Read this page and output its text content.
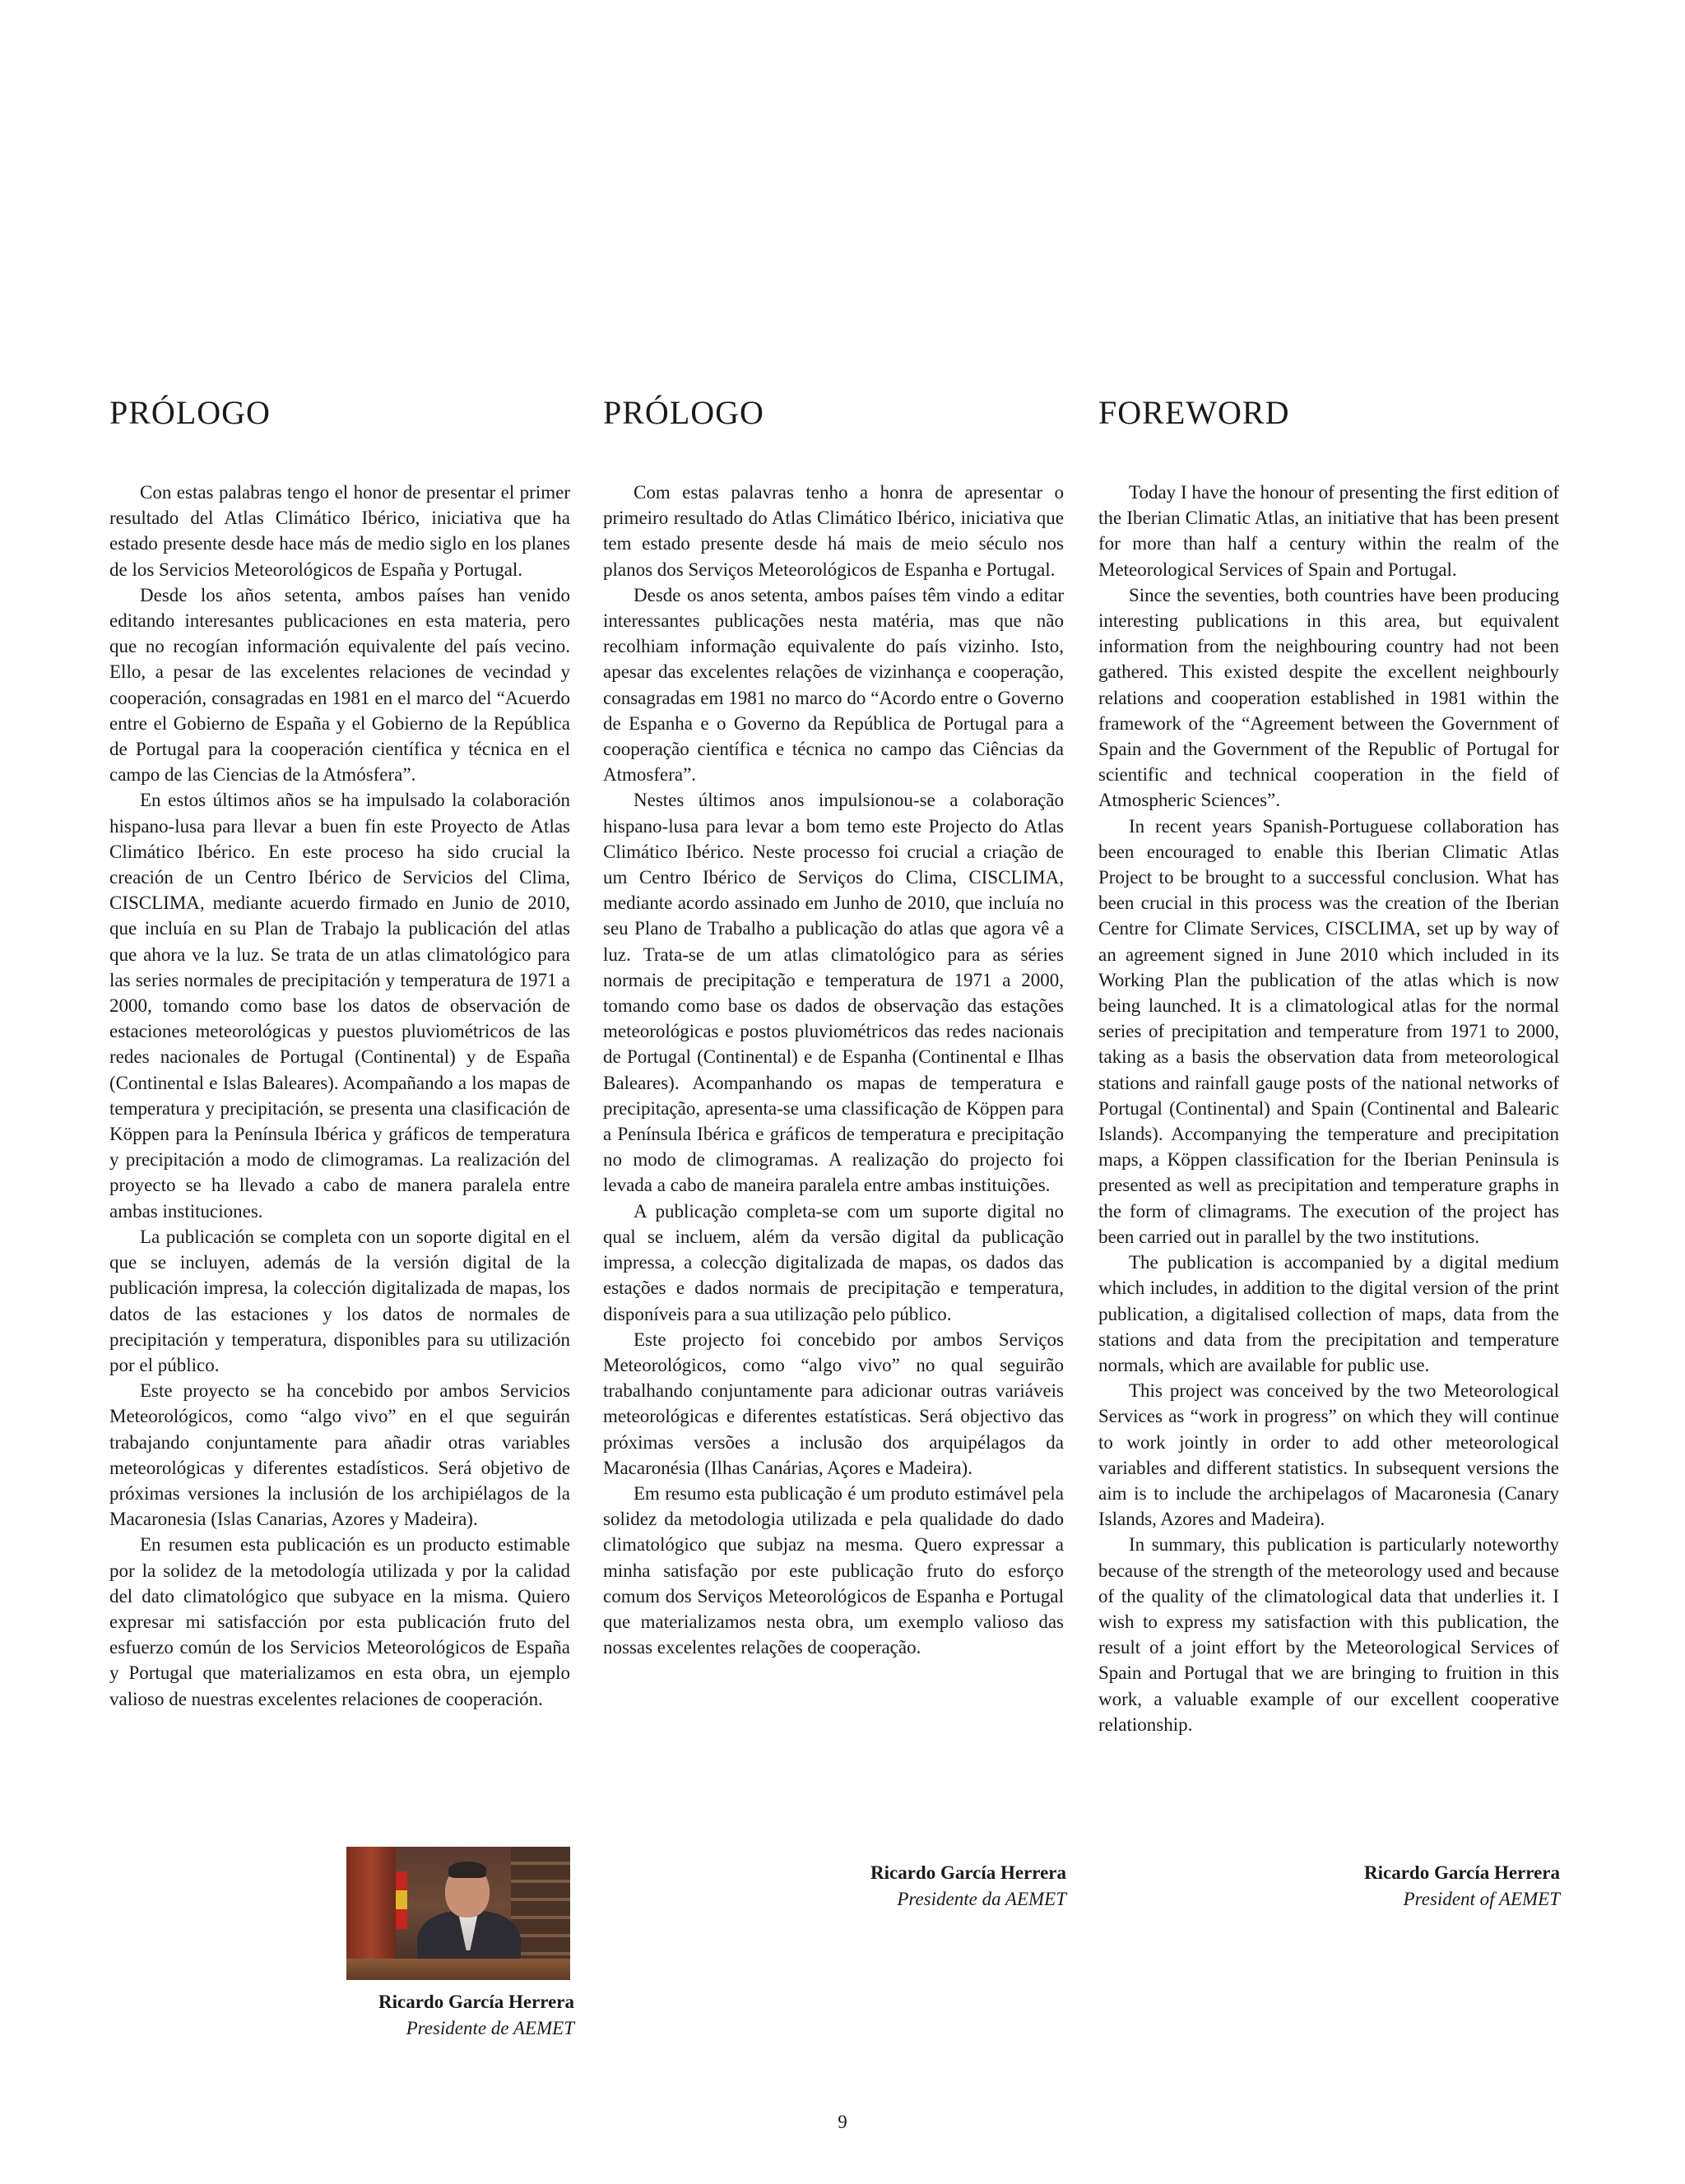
PRÓLOGO

Con estas palabras tengo el honor de presentar el primer resultado del Atlas Climático Ibérico, iniciativa que ha estado presente desde hace más de medio siglo en los planes de los Servicios Meteorológicos de España y Portugal.

Desde los años setenta, ambos países han venido editando interesantes publicaciones en esta materia, pero que no recogían información equivalente del país vecino. Ello, a pesar de las excelentes relaciones de vecindad y cooperación, consagradas en 1981 en el marco del “Acuerdo entre el Gobierno de España y el Gobierno de la República de Portugal para la cooperación científica y técnica en el campo de las Ciencias de la Atmósfera”.

En estos últimos años se ha impulsado la colaboración hispano-lusa para llevar a buen fin este Proyecto de Atlas Climático Ibérico. En este proceso ha sido crucial la creación de un Centro Ibérico de Servicios del Clima, CISCLIMA, mediante acuerdo firmado en Junio de 2010, que incluía en su Plan de Trabajo la publicación del atlas que ahora ve la luz. Se trata de un atlas climatológico para las series normales de precipitación y temperatura de 1971 a 2000, tomando como base los datos de observación de estaciones meteorológicas y puestos pluviométricos de las redes nacionales de Portugal (Continental) y de España (Continental e Islas Baleares). Acompañando a los mapas de temperatura y precipitación, se presenta una clasificación de Köppen para la Península Ibérica y gráficos de temperatura y precipitación a modo de climogramas. La realización del proyecto se ha llevado a cabo de manera paralela entre ambas instituciones.

La publicación se completa con un soporte digital en el que se incluyen, además de la versión digital de la publicación impresa, la colección digitalizada de mapas, los datos de las estaciones y los datos de normales de precipitación y temperatura, disponibles para su utilización por el público.

Este proyecto se ha concebido por ambos Servicios Meteorológicos, como “algo vivo” en el que seguirán trabajando conjuntamente para añadir otras variables meteorológicas y diferentes estadísticos. Será objetivo de próximas versiones la inclusión de los archipiélagos de la Macaronesia (Islas Canarias, Azores y Madeira).

En resumen esta publicación es un producto estimable por la solidez de la metodología utilizada y por la calidad del dato climatológico que subyace en la misma. Quiero expresar mi satisfacción por esta publicación fruto del esfuerzo común de los Servicios Meteorológicos de España y Portugal que materializamos en esta obra, un ejemplo valioso de nuestras excelentes relaciones de cooperación.

PRÓLOGO

Com estas palavras tenho a honra de apresentar o primeiro resultado do Atlas Climático Ibérico, iniciativa que tem estado presente desde há mais de meio século nos planos dos Serviços Meteorológicos de Espanha e Portugal.

Desde os anos setenta, ambos países têm vindo a editar interessantes publicações nesta matéria, mas que não recolhiam informação equivalente do país vizinho. Isto, apesar das excelentes relações de vizinhança e cooperação, consagradas em 1981 no marco do “Acordo entre o Governo de Espanha e o Governo da República de Portugal para a cooperação científica e técnica no campo das Ciências da Atmosfera”.

Nestes últimos anos impulsionou-se a colaboração hispano-lusa para levar a bom temo este Projecto do Atlas Climático Ibérico. Neste processo foi crucial a criação de um Centro Ibérico de Serviços do Clima, CISCLIMA, mediante acordo assinado em Junho de 2010, que incluía no seu Plano de Trabalho a publicação do atlas que agora vê a luz. Trata-se de um atlas climatológico para as séries normais de precipitação e temperatura de 1971 a 2000, tomando como base os dados de observação das estações meteorológicas e postos pluviométricos das redes nacionais de Portugal (Continental) e de Espanha (Continental e Ilhas Baleares). Acompanhando os mapas de temperatura e precipitação, apresenta-se uma classificação de Köppen para a Península Ibérica e gráficos de temperatura e precipitação no modo de climogramas. A realização do projecto foi levada a cabo de maneira paralela entre ambas instituições.

A publicação completa-se com um suporte digital no qual se incluem, além da versão digital da publicação impressa, a colecção digitalizada de mapas, os dados das estações e dados normais de precipitação e temperatura, disponíveis para a sua utilização pelo público.

Este projecto foi concebido por ambos Serviços Meteorológicos, como “algo vivo” no qual seguirão trabalhando conjuntamente para adicionar outras variáveis meteorológicas e diferentes estatísticas. Será objectivo das próximas versões a inclusão dos arquipélagos da Macaronésia (Ilhas Canárias, Açores e Madeira).

Em resumo esta publicação é um produto estimável pela solidez da metodologia utilizada e pela qualidade do dado climatológico que subjaz na mesma. Quero expressar a minha satisfação por este publicação fruto do esforço comum dos Serviços Meteorológicos de Espanha e Portugal que materializamos nesta obra, um exemplo valioso das nossas excelentes relações de cooperação.

FOREWORD

Today I have the honour of presenting the first edition of the Iberian Climatic Atlas, an initiative that has been present for more than half a century within the realm of the Meteorological Services of Spain and Portugal.

Since the seventies, both countries have been producing interesting publications in this area, but equivalent information from the neighbouring country had not been gathered. This existed despite the excellent neighbourly relations and cooperation established in 1981 within the framework of the “Agreement between the Government of Spain and the Government of the Republic of Portugal for scientific and technical cooperation in the field of Atmospheric Sciences”.

In recent years Spanish-Portuguese collaboration has been encouraged to enable this Iberian Climatic Atlas Project to be brought to a successful conclusion. What has been crucial in this process was the creation of the Iberian Centre for Climate Services, CISCLIMA, set up by way of an agreement signed in June 2010 which included in its Working Plan the publication of the atlas which is now being launched. It is a climatological atlas for the normal series of precipitation and temperature from 1971 to 2000, taking as a basis the observation data from meteorological stations and rainfall gauge posts of the national networks of Portugal (Continental) and Spain (Continental and Balearic Islands). Accompanying the temperature and precipitation maps, a Köppen classification for the Iberian Peninsula is presented as well as precipitation and temperature graphs in the form of climagrams. The execution of the project has been carried out in parallel by the two institutions.

The publication is accompanied by a digital medium which includes, in addition to the digital version of the print publication, a digitalised collection of maps, data from the stations and data from the precipitation and temperature normals, which are available for public use.

This project was conceived by the two Meteorological Services as “work in progress” on which they will continue to work jointly in order to add other meteorological variables and different statistics. In subsequent versions the aim is to include the archipelagos of Macaronesia (Canary Islands, Azores and Madeira).

In summary, this publication is particularly noteworthy because of the strength of the meteorology used and because of the quality of the climatological data that underlies it. I wish to express my satisfaction with this publication, the result of a joint effort by the Meteorological Services of Spain and Portugal that we are bringing to fruition in this work, a valuable example of our excellent cooperative relationship.

Ricardo García Herrera
Presidente de AEMET
Ricardo García Herrera
Presidente da AEMET
Ricardo García Herrera
President of AEMET
9
